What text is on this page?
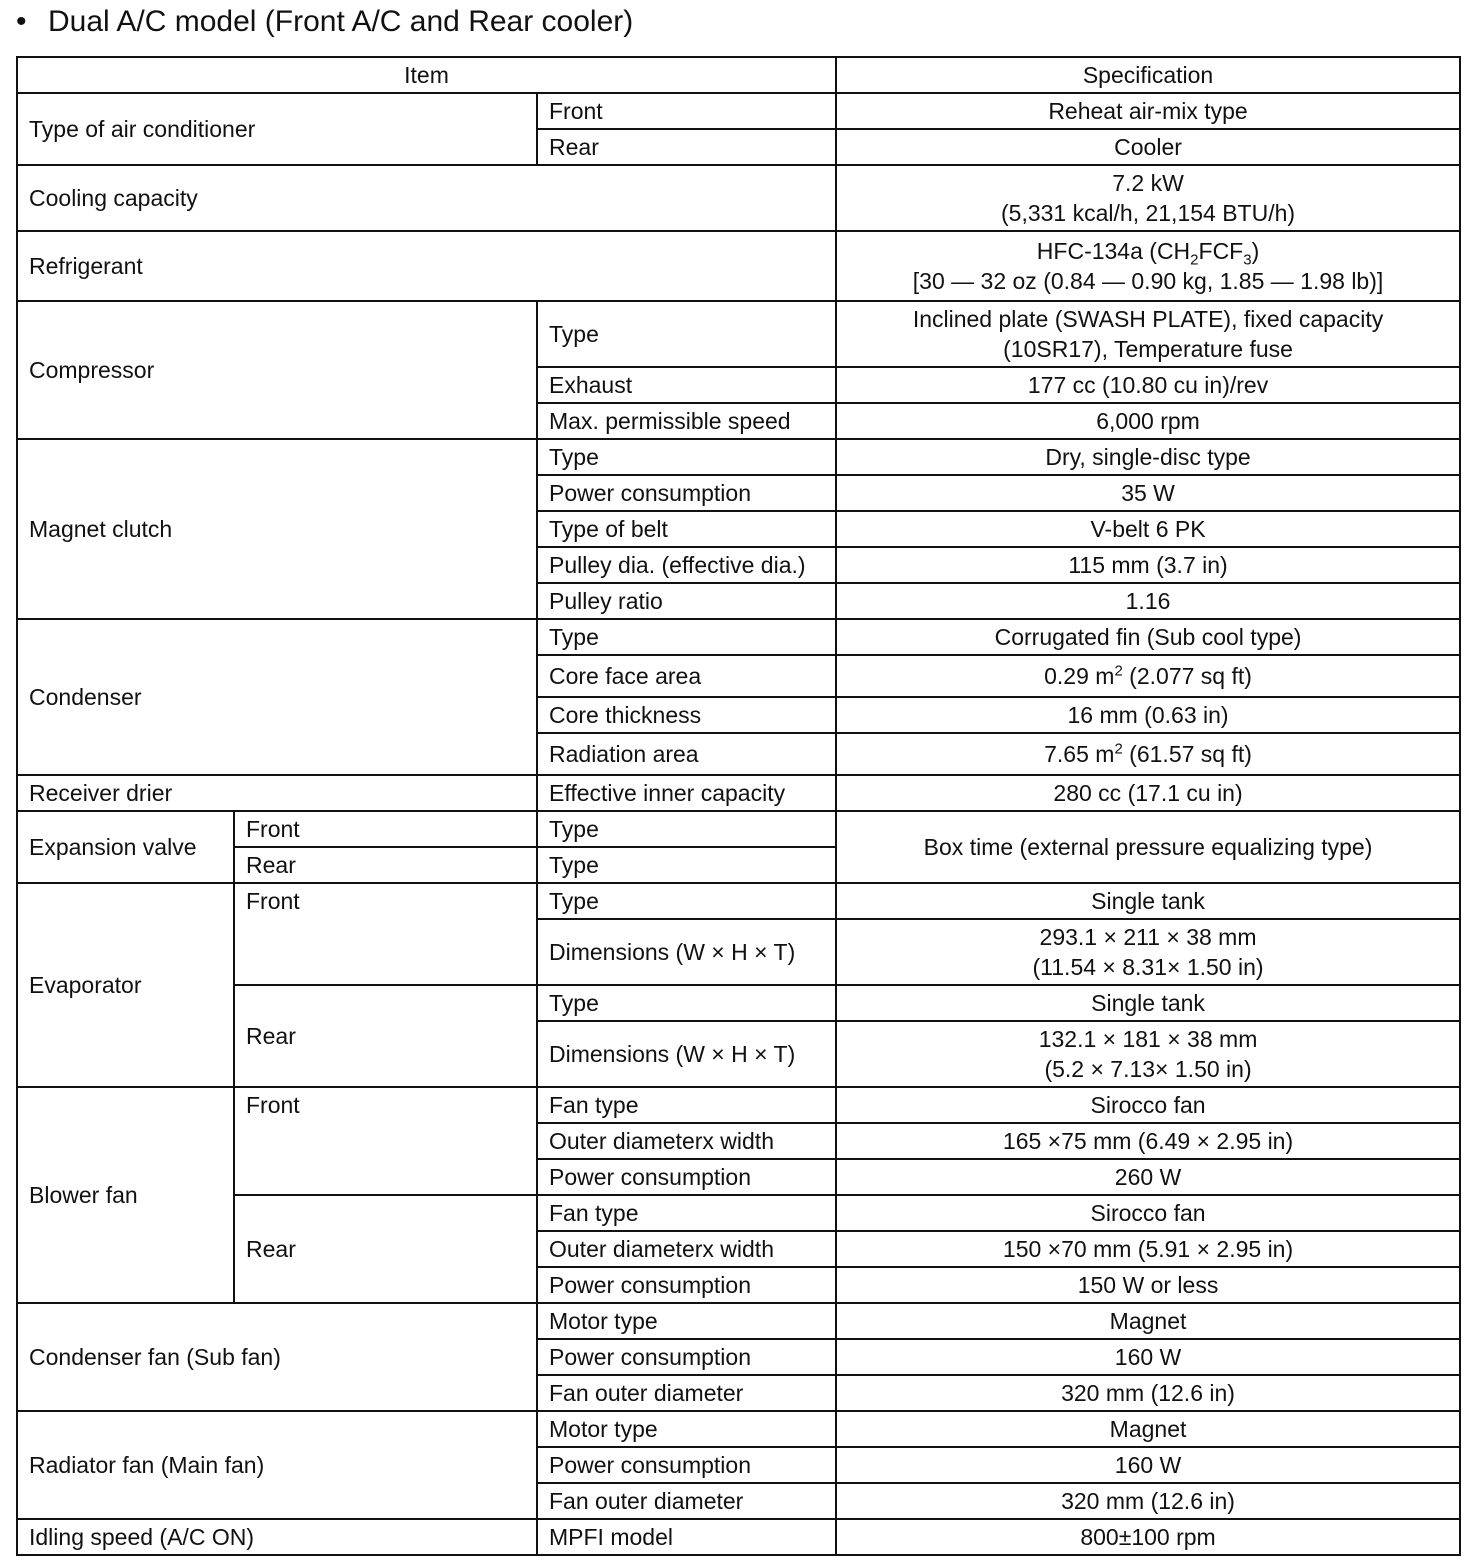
• Dual A/C model (Front A/C and Rear cooler)
Item			Specification
Type of air conditioner		Front	Reheat air-mix type
		Rear	Cooler
Cooling capacity			7.2 kW
(5,331 kcal/h, 21,154 BTU/h)
Refrigerant			HFC-134a $(CH_2FCF_3)$
[30 — 32 oz (0.84 — 0.90 kg, 1.85 — 1.98 lb)]
Compressor		Type	Inclined plate (SWASH PLATE), fixed capacity
(10SR17), Temperature fuse
		Exhaust	177 cc (10.80 cu in)/rev
		Max. permissible speed	6,000 rpm
Magnet clutch		Type	Dry, single-disc type
		Power consumption	35 W
		Type of belt	V-belt 6 PK
		Pulley dia. (effective dia.)	115 mm (3.7 in)
		Pulley ratio	1.16
Condenser		Type	Corrugated fin (Sub cool type)
		Core face area	0.29 $m^2$ (2.077 sq ft)
		Core thickness	16 mm (0.63 in)
		Radiation area	7.65 $m^2$ (61.57 sq ft)
Receiver drier		Effective inner capacity	280 cc (17.1 cu in)
Expansion valve	Front	Type	Box time (external pressure equalizing type)
	Rear	Type	
Evaporator	Front	Type	Single tank
		Dimensions (W × H × T)	293.1 × 211 × 38 mm
(11.54 × 8.31× 1.50 in)
	Rear	Type	Single tank
		Dimensions (W × H × T)	132.1 × 181 × 38 mm
(5.2 × 7.13× 1.50 in)
Blower fan	Front	Fan type	Sirocco fan
		Outer diameterx width	165 ×75 mm (6.49 × 2.95 in)
		Power consumption	260 W
	Rear	Fan type	Sirocco fan
		Outer diameterx width	150 ×70 mm (5.91 × 2.95 in)
		Power consumption	150 W or less
Condenser fan (Sub fan)		Motor type	Magnet
		Power consumption	160 W
		Fan outer diameter	320 mm (12.6 in)
Radiator fan (Main fan)		Motor type	Magnet
		Power consumption	160 W
		Fan outer diameter	320 mm (12.6 in)
Idling speed (A/C ON)		MPFI model	800±100 rpm
